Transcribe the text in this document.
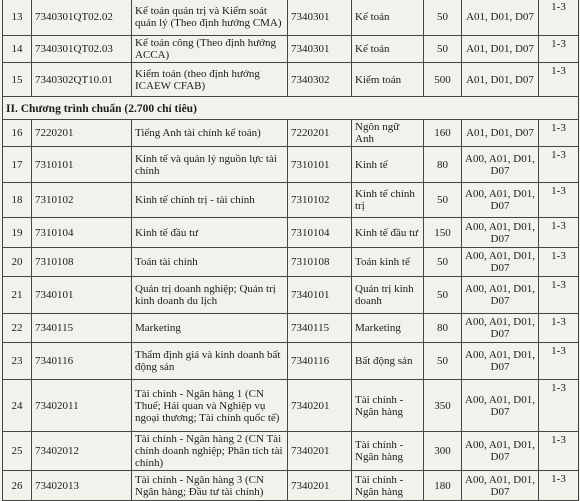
13	7340301QT02.02	Kế toán quản trị và Kiểm soát quản lý (Theo định hướng CMA)	7340301	Kế toán	50	A01, D01, D07	1-3
14	7340301QT02.03	Kế toán công (Theo định hướng ACCA)	7340301	Kế toán	50	A01, D01, D07	1-3
15	7340302QT10.01	Kiểm toán (theo định hướng ICAEW CFAB)	7340302	Kiểm toán	500	A01, D01, D07	1-3
II. Chương trình chuẩn (2.700 chỉ tiêu)							
16	7220201	Tiếng Anh tài chính kế toán)	7220201	Ngôn ngữ Anh	160	A01, D01, D07	1-3
17	7310101	Kinh tế và quản lý nguồn lực tài chính	7310101	Kinh tế	80	A00, A01, D01, D07	1-3
18	7310102	Kinh tế chính trị - tài chính	7310102	Kinh tế chính trị	50	A00, A01, D01, D07	1-3
19	7310104	Kinh tế đầu tư	7310104	Kinh tế đầu tư	150	A00, A01, D01, D07	1-3
20	7310108	Toán tài chính	7310108	Toán kinh tế	50	A00, A01, D01, D07	1-3
21	7340101	Quản trị doanh nghiệp; Quản trị kinh doanh du lịch	7340101	Quản trị kinh doanh	50	A00, A01, D01, D07	1-3
22	7340115	Marketing	7340115	Marketing	80	A00, A01, D01, D07	1-3
23	7340116	Thẩm định giá và kinh doanh bất động sản	7340116	Bất động sản	50	A00, A01, D01, D07	1-3
24	73402011	Tài chính - Ngân hàng 1 (CN Thuế; Hải quan và Nghiệp vụ ngoại thương; Tài chính quốc tế)	7340201	Tài chính - Ngân hàng	350	A00, A01, D01, D07	1-3
25	73402012	Tài chính - Ngân hàng 2 (CN Tài chính doanh nghiệp; Phân tích tài chính)	7340201	Tài chính - Ngân hàng	300	A00, A01, D01, D07	1-3
26	73402013	Tài chính - Ngân hàng 3 (CN Ngân hàng; Đầu tư tài chính)	7340201	Tài chính - Ngân hàng	180	A00, A01, D01, D07	1-3
